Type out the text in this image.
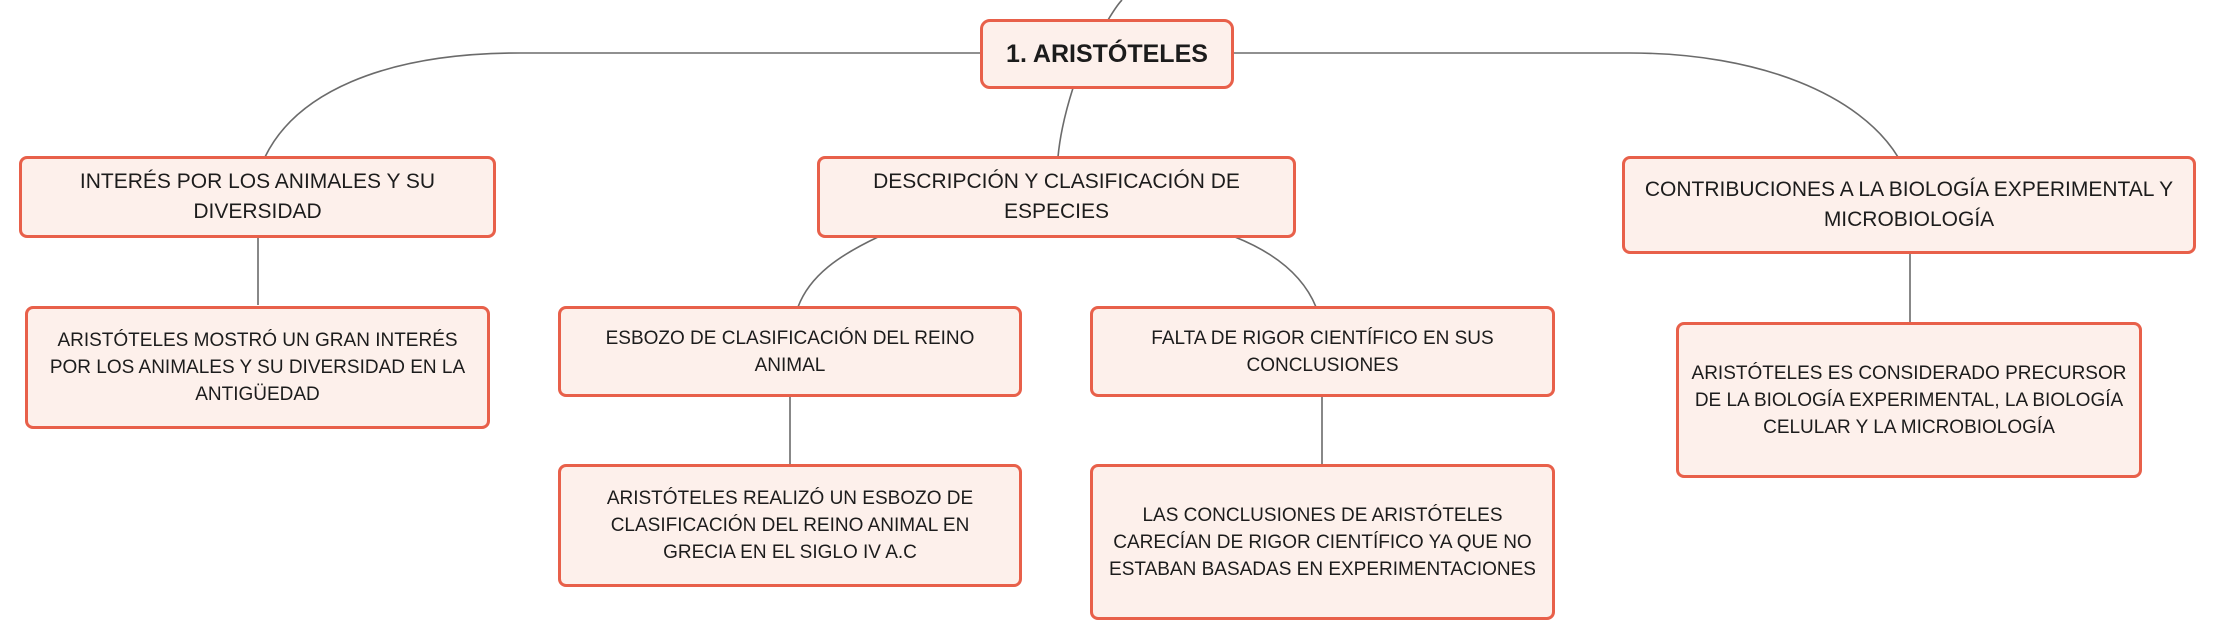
1. ARISTÓTELES
INTERÉS POR LOS ANIMALES Y SU DIVERSIDAD
ARISTÓTELES MOSTRÓ UN GRAN INTERÉS POR LOS ANIMALES Y SU DIVERSIDAD EN LA ANTIGÜEDAD
DESCRIPCIÓN Y CLASIFICACIÓN DE ESPECIES
ESBOZO DE CLASIFICACIÓN DEL REINO ANIMAL
ARISTÓTELES REALIZÓ UN ESBOZO DE CLASIFICACIÓN DEL REINO ANIMAL EN GRECIA EN EL SIGLO IV A.C
FALTA DE RIGOR CIENTÍFICO EN SUS CONCLUSIONES
LAS CONCLUSIONES DE ARISTÓTELES CARECÍAN DE RIGOR CIENTÍFICO YA QUE NO ESTABAN BASADAS EN EXPERIMENTACIONES
CONTRIBUCIONES A LA BIOLOGÍA EXPERIMENTAL Y MICROBIOLOGÍA
ARISTÓTELES ES CONSIDERADO PRECURSOR DE LA BIOLOGÍA EXPERIMENTAL, LA BIOLOGÍA CELULAR Y LA MICROBIOLOGÍA
